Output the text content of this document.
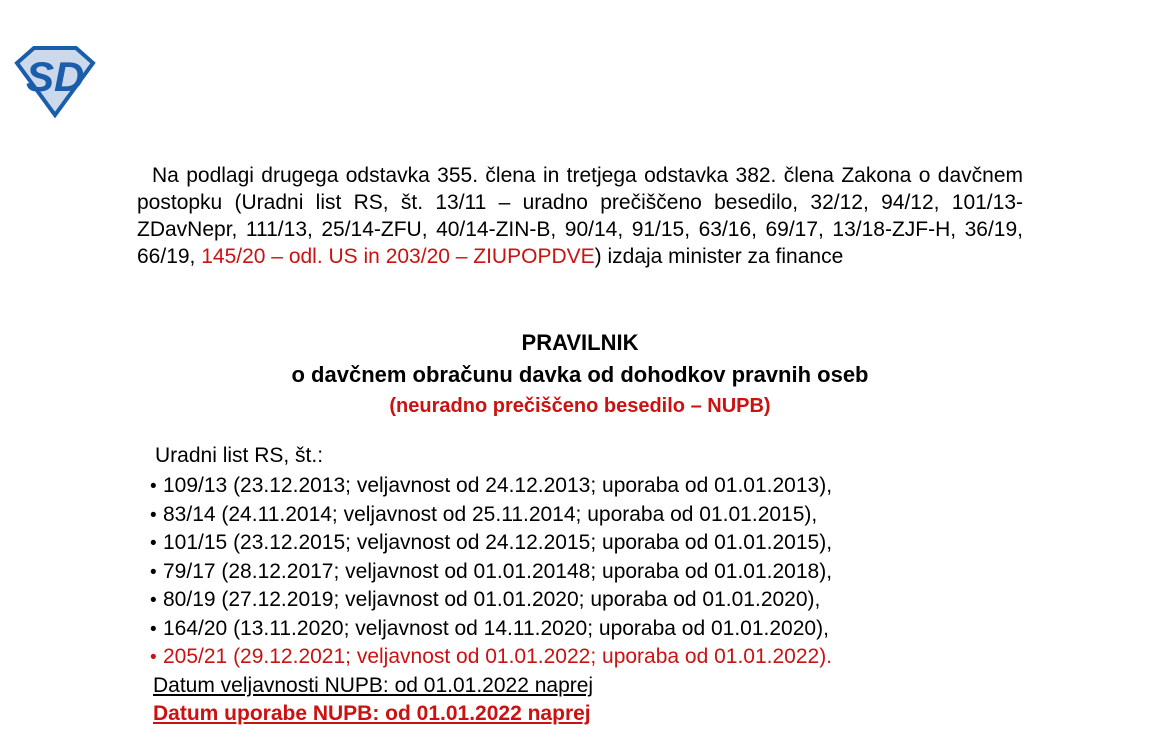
SD

Na podlagi drugega odstavka 355. člena in tretjega odstavka 382. člena Zakona o davčnem postopku (Uradni list RS, št. 13/11 – uradno prečiščeno besedilo, 32/12, 94/12, 101/13-ZDavNepr, 111/13, 25/14-ZFU, 40/14-ZIN-B, 90/14, 91/15, 63/16, 69/17, 13/18-ZJF-H, 36/19, 66/19, 145/20 – odl. US in 203/20 – ZIUPOPDVE) izdaja minister za finance

PRAVILNIK
o davčnem obračunu davka od dohodkov pravnih oseb
(neuradno prečiščeno besedilo – NUPB)
Uradni list RS, št.:
• 109/13 (23.12.2013; veljavnost od 24.12.2013; uporaba od 01.01.2013),
• 83/14 (24.11.2014; veljavnost od 25.11.2014; uporaba od 01.01.2015),
• 101/15 (23.12.2015; veljavnost od 24.12.2015; uporaba od 01.01.2015),
• 79/17 (28.12.2017; veljavnost od 01.01.20148; uporaba od 01.01.2018),
• 80/19 (27.12.2019; veljavnost od 01.01.2020; uporaba od 01.01.2020),
• 164/20 (13.11.2020; veljavnost od 14.11.2020; uporaba od 01.01.2020),
• 205/21 (29.12.2021; veljavnost od 01.01.2022; uporaba od 01.01.2022).
Datum veljavnosti NUPB: od 01.01.2022 naprej
Datum uporabe NUPB: od 01.01.2022 naprej
